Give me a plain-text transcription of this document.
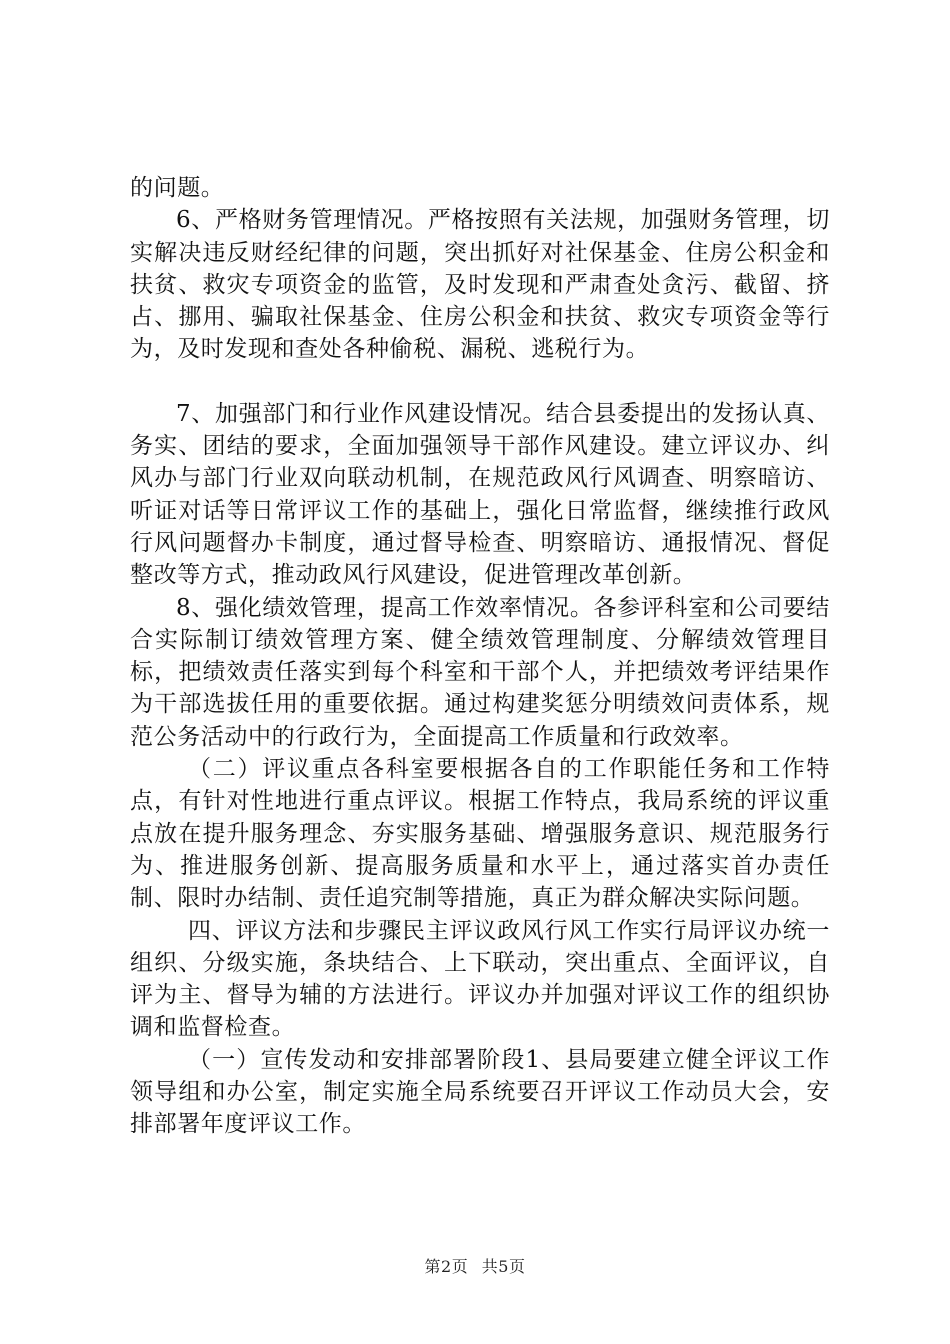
的问题。

6、严格财务管理情况。严格按照有关法规，加强财务管理，切实解决违反财经纪律的问题，突出抓好对社保基金、住房公积金和扶贫、救灾专项资金的监管，及时发现和严肃查处贪污、截留、挤占、挪用、骗取社保基金、住房公积金和扶贫、救灾专项资金等行为，及时发现和查处各种偷税、漏税、逃税行为。

7、加强部门和行业作风建设情况。结合县委提出的发扬认真、务实、团结的要求，全面加强领导干部作风建设。建立评议办、纠风办与部门行业双向联动机制，在规范政风行风调查、明察暗访、听证对话等日常评议工作的基础上，强化日常监督，继续推行政风行风问题督办卡制度，通过督导检查、明察暗访、通报情况、督促整改等方式，推动政风行风建设，促进管理改革创新。

8、强化绩效管理，提高工作效率情况。各参评科室和公司要结合实际制订绩效管理方案、健全绩效管理制度、分解绩效管理目标，把绩效责任落实到每个科室和干部个人，并把绩效考评结果作为干部选拔任用的重要依据。通过构建奖惩分明绩效问责体系，规范公务活动中的行政行为，全面提高工作质量和行政效率。

（二）评议重点各科室要根据各自的工作职能任务和工作特点，有针对性地进行重点评议。根据工作特点，我局系统的评议重点放在提升服务理念、夯实服务基础、增强服务意识、规范服务行为、推进服务创新、提高服务质量和水平上，通过落实首办责任制、限时办结制、责任追究制等措施，真正为群众解决实际问题。

四、评议方法和步骤民主评议政风行风工作实行局评议办统一组织、分级实施，条块结合、上下联动，突出重点、全面评议，自评为主、督导为辅的方法进行。评议办并加强对评议工作的组织协调和监督检查。

（一）宣传发动和安排部署阶段1、县局要建立健全评议工作领导组和办公室，制定实施全局系统要召开评议工作动员大会，安排部署年度评议工作。

第2页 共5页
